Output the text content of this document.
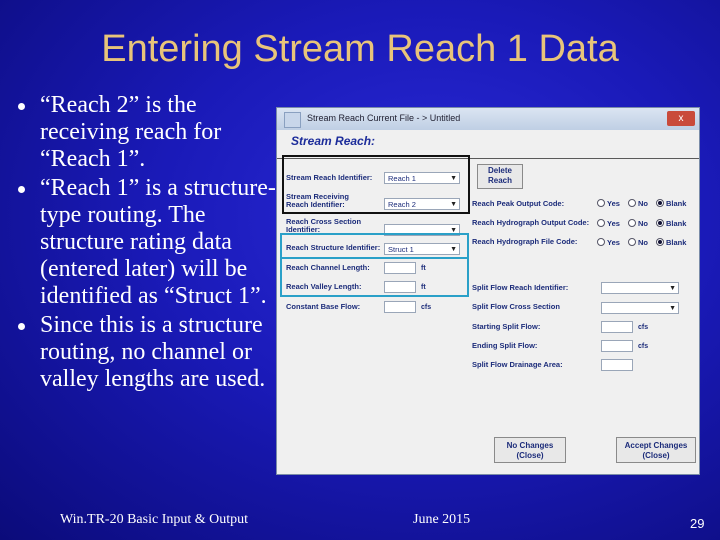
Entering Stream Reach 1 Data
“Reach 2” is the receiving reach for “Reach 1”.
“Reach 1” is a structure-type routing. The structure rating data (entered later) will be identified as “Struct 1”.
Since this is a structure routing, no channel or valley lengths are used.
Stream Reach Current File - > Untitled	x
Stream Reach:
Stream Reach Identifier:	Reach 1	▼
Stream Receiving Reach Identifier:	Reach 2	▼
Reach Cross Section Identifier:	▼
Reach Structure Identifier:	Struct 1	▼
Reach Channel Length:	ft
Reach Valley Length:	ft
Constant Base Flow:	cfs
Delete Reach
Reach Peak Output Code:	Yes	No	Blank
Reach Hydrograph Output Code:	Yes	No	Blank
Reach Hydrograph File Code:	Yes	No	Blank
Split Flow Reach Identifier:	▼
Split Flow Cross Section	▼
Starting Split Flow:	cfs
Ending Split Flow:	cfs
Split Flow Drainage Area:
No Changes (Close)
Accept Changes (Close)
Win.TR-20 Basic Input & Output	June 2015	29
